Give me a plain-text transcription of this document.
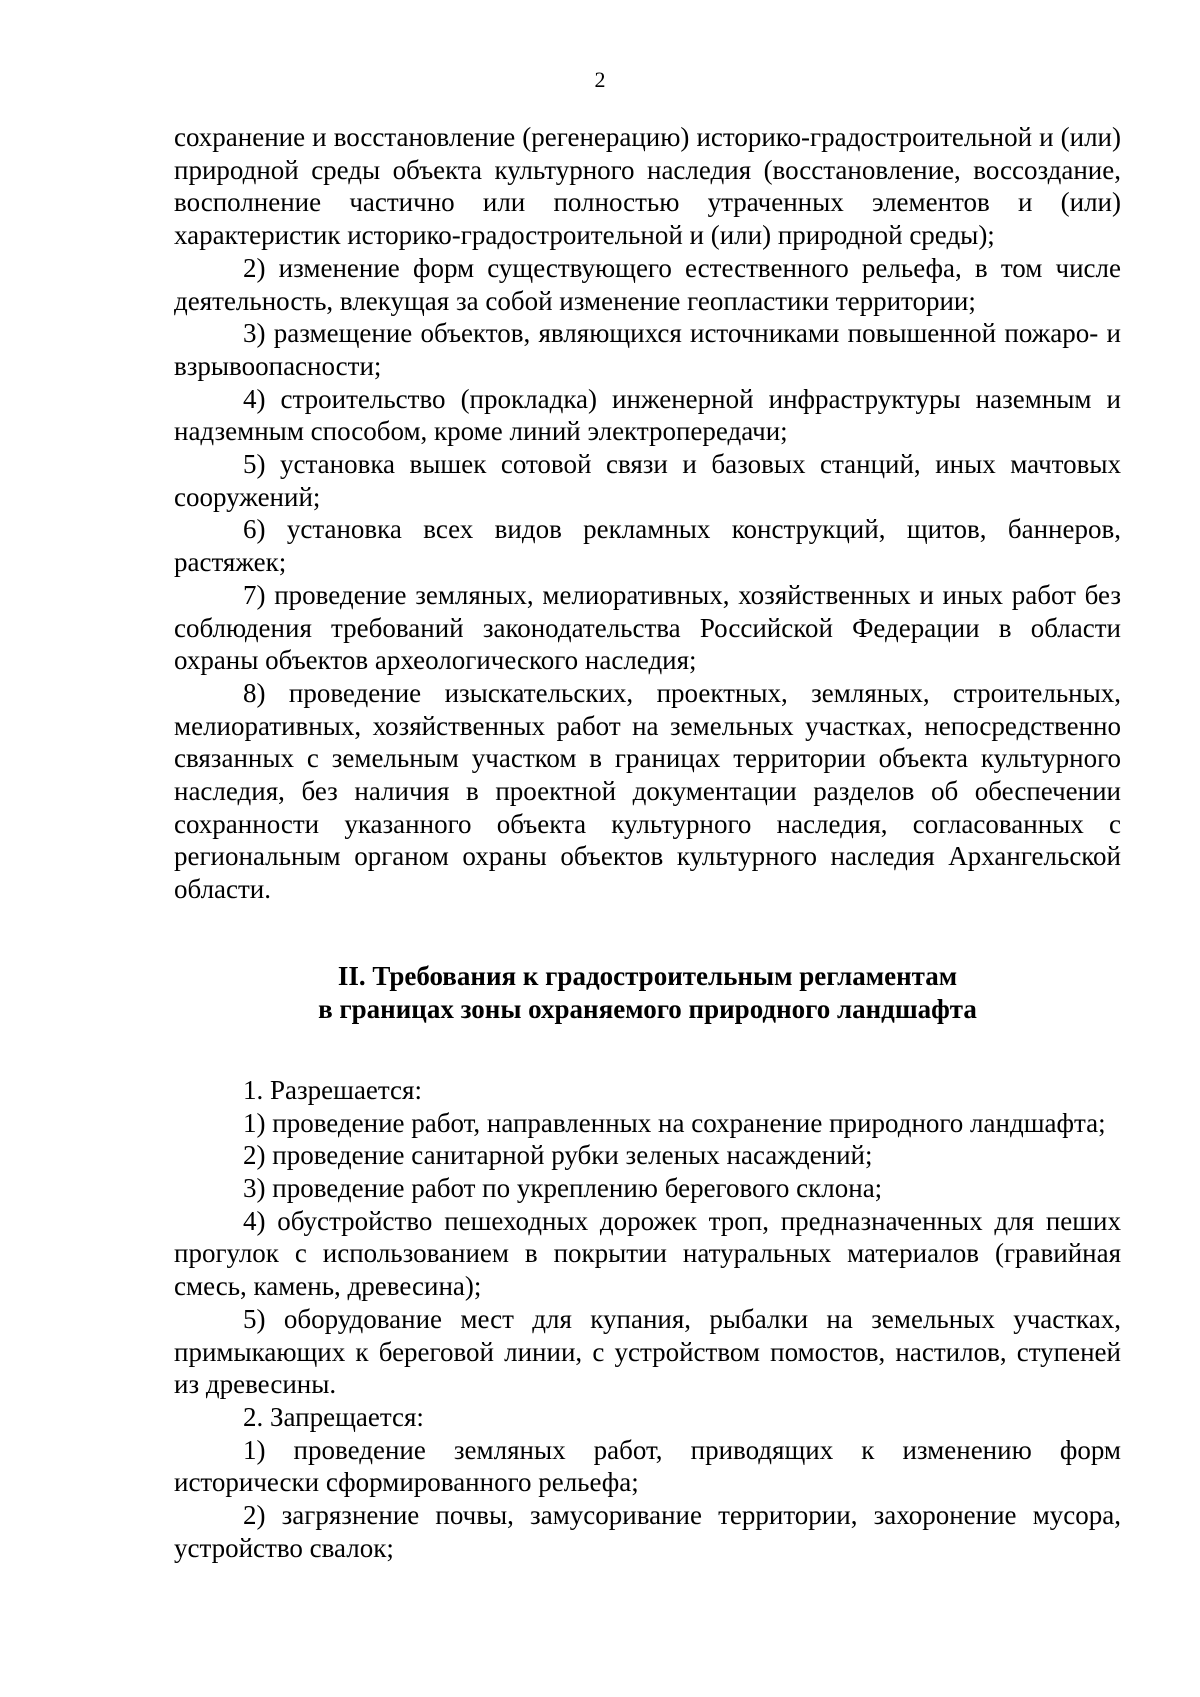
2

сохранение и восстановление (регенерацию) историко-градостроительной и (или) природной среды объекта культурного наследия (восстановление, воссоздание, восполнение частично или полностью утраченных элементов и (или) характеристик историко-градостроительной и (или) природной среды);

2) изменение форм существующего естественного рельефа, в том числе деятельность, влекущая за собой изменение геопластики территории;

3) размещение объектов, являющихся источниками повышенной пожаро- и взрывоопасности;

4) строительство (прокладка) инженерной инфраструктуры наземным и надземным способом, кроме линий электропередачи;

5) установка вышек сотовой связи и базовых станций, иных мачтовых сооружений;

6) установка всех видов рекламных конструкций, щитов, баннеров, растяжек;

7) проведение земляных, мелиоративных, хозяйственных и иных работ без соблюдения требований законодательства Российской Федерации в области охраны объектов археологического наследия;

8) проведение изыскательских, проектных, земляных, строительных, мелиоративных, хозяйственных работ на земельных участках, непосредственно связанных с земельным участком в границах территории объекта культурного наследия, без наличия в проектной документации разделов об обеспечении сохранности указанного объекта культурного наследия, согласованных с региональным органом охраны объектов культурного наследия Архангельской области.

II. Требования к градостроительным регламентам
в границах зоны охраняемого природного ландшафта

1. Разрешается:

1) проведение работ, направленных на сохранение природного ландшафта;

2) проведение санитарной рубки зеленых насаждений;

3) проведение работ по укреплению берегового склона;

4) обустройство пешеходных дорожек троп, предназначенных для пеших прогулок с использованием в покрытии натуральных материалов (гравийная смесь, камень, древесина);

5) оборудование мест для купания, рыбалки на земельных участках, примыкающих к береговой линии, с устройством помостов, настилов, ступеней из древесины.

2. Запрещается:

1) проведение земляных работ, приводящих к изменению форм исторически сформированного рельефа;

2) загрязнение почвы, замусоривание территории, захоронение мусора, устройство свалок;
